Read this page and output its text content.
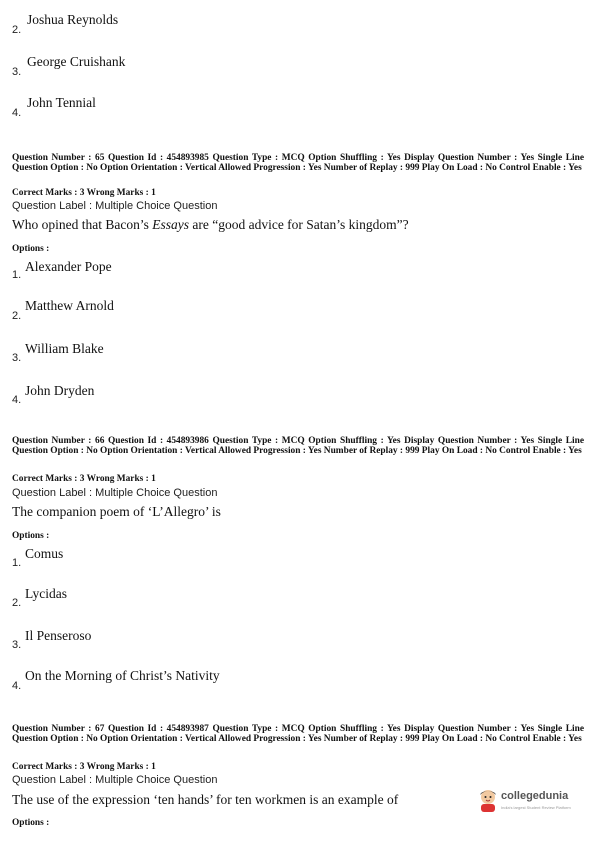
2.
Joshua Reynolds
3.
George Cruishank
4.
John Tennial
Question Number : 65 Question Id : 454893985 Question Type : MCQ Option Shuffling : Yes Display Question Number : Yes Single Line Question Option : No Option Orientation : Vertical Allowed Progression : Yes Number of Replay : 999 Play On Load : No Control Enable : Yes
Correct Marks : 3 Wrong Marks : 1
Question Label : Multiple Choice Question
Who opined that Bacon’s Essays are “good advice for Satan’s kingdom”?
Options :
1.
Alexander Pope
2.
Matthew Arnold
3.
William Blake
4.
John Dryden
Question Number : 66 Question Id : 454893986 Question Type : MCQ Option Shuffling : Yes Display Question Number : Yes Single Line Question Option : No Option Orientation : Vertical Allowed Progression : Yes Number of Replay : 999 Play On Load : No Control Enable : Yes
Correct Marks : 3 Wrong Marks : 1
Question Label : Multiple Choice Question
The companion poem of ‘L’Allegro’ is
Options :
1.
Comus
2.
Lycidas
3.
Il Penseroso
4.
On the Morning of Christ’s Nativity
Question Number : 67 Question Id : 454893987 Question Type : MCQ Option Shuffling : Yes Display Question Number : Yes Single Line Question Option : No Option Orientation : Vertical Allowed Progression : Yes Number of Replay : 999 Play On Load : No Control Enable : Yes
Correct Marks : 3 Wrong Marks : 1
Question Label : Multiple Choice Question
The use of the expression ‘ten hands’ for ten workmen is an example of
Options :
collegedunia
India's largest Student Review Platform
